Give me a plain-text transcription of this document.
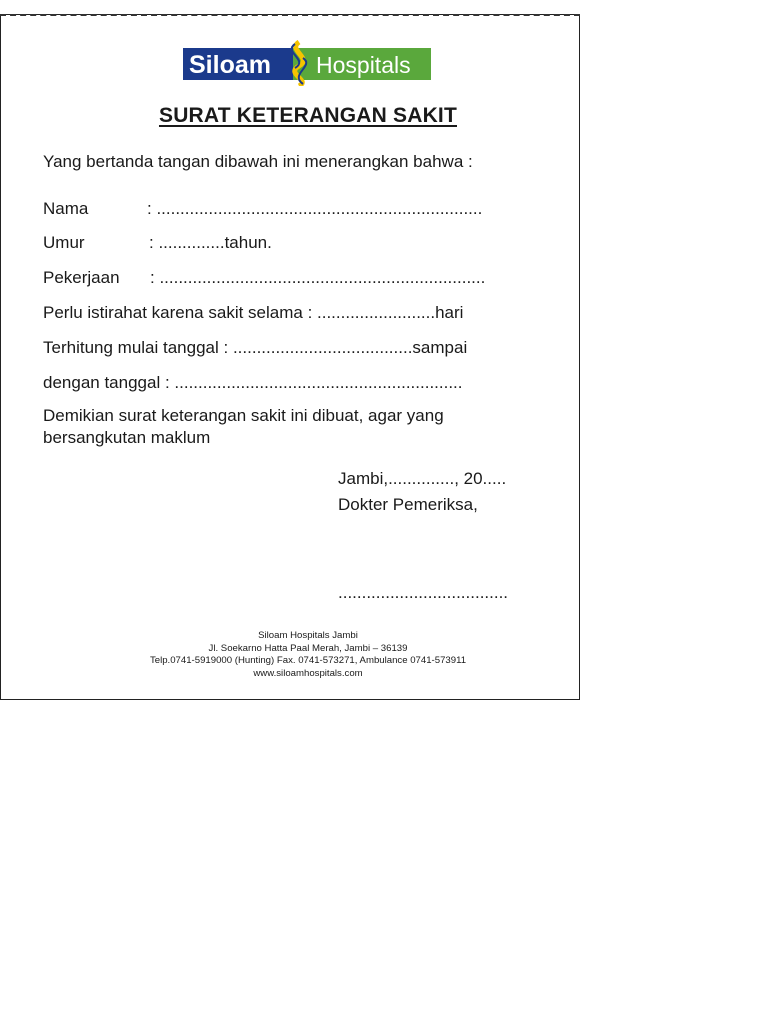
Siloam Hospitals
SURAT KETERANGAN SAKIT
Yang bertanda tangan dibawah ini menerangkan bahwa :
Nama	: .....................................................................
Umur	: ..............tahun.
Pekerjaan : .....................................................................
Perlu istirahat karena sakit selama : .........................hari
Terhitung mulai tanggal : ......................................sampai
dengan tanggal : .............................................................
Demikian surat keterangan sakit ini dibuat, agar yang bersangkutan maklum
Jambi,.............., 20.....
Dokter Pemeriksa,
....................................
Siloam Hospitals Jambi
Jl. Soekarno Hatta Paal Merah, Jambi – 36139
Telp.0741-5919000 (Hunting) Fax. 0741-573271, Ambulance 0741-573911
www.siloamhospitals.com
